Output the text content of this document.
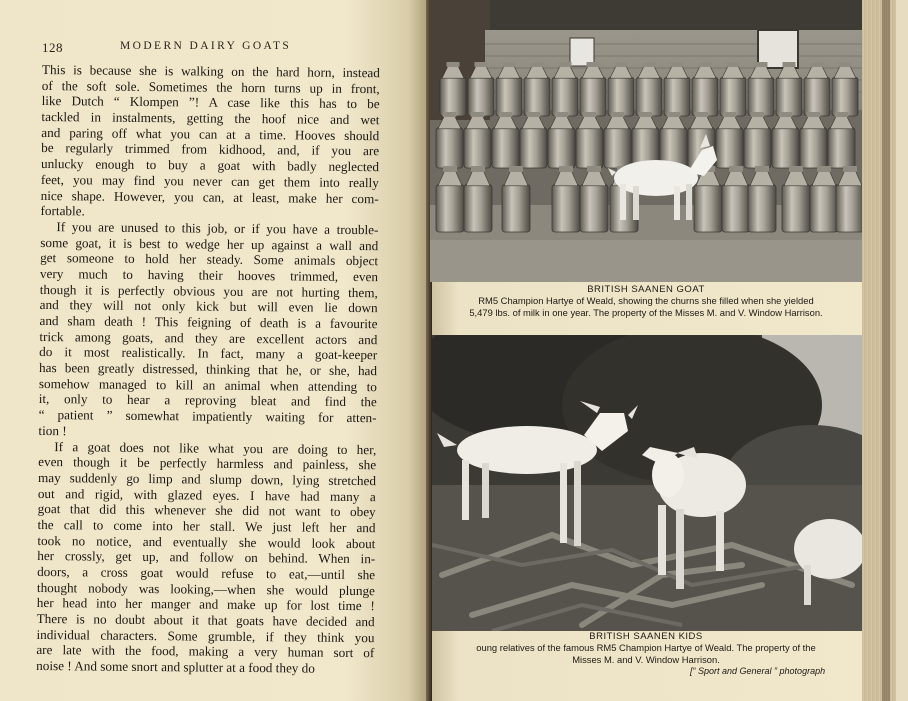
128	MODERN DAIRY GOATS
This is because she is walking on the hard horn, instead
of the soft sole. Sometimes the horn turns up in front,
like Dutch “ Klompen ”! A case like this has to be
tackled in instalments, getting the hoof nice and wet
and paring off what you can at a time. Hooves should
be regularly trimmed from kidhood, and, if you are
unlucky enough to buy a goat with badly neglected
feet, you may find you never can get them into really
nice shape. However, you can, at least, make her com-
fortable.
If you are unused to this job, or if you have a trouble-
some goat, it is best to wedge her up against a wall and
get someone to hold her steady. Some animals object
very much to having their hooves trimmed, even
though it is perfectly obvious you are not hurting them,
and they will not only kick but will even lie down
and sham death ! This feigning of death is a favourite
trick among goats, and they are excellent actors and
do it most realistically. In fact, many a goat-keeper
has been greatly distressed, thinking that he, or she, had
somehow managed to kill an animal when attending to
it, only to hear a reproving bleat and find the
“ patient ” somewhat impatiently waiting for atten-
tion !
If a goat does not like what you are doing to her,
even though it be perfectly harmless and painless, she
may suddenly go limp and slump down, lying stretched
out and rigid, with glazed eyes. I have had many a
goat that did this whenever she did not want to obey
the call to come into her stall. We just left her and
took no notice, and eventually she would look about
her crossly, get up, and follow on behind. When in-
doors, a cross goat would refuse to eat,—until she
thought nobody was looking,—when she would plunge
her head into her manger and make up for lost time !
There is no doubt about it that goats have decided and
individual characters. Some grumble, if they think you
are late with the food, making a very human sort of
noise ! And some snort and splutter at a food they do
BRITISH SAANEN GOAT
RM5 Champion Hartye of Weald, showing the churns she filled when she yielded
5,479 lbs. of milk in one year. The property of the Misses M. and V. Window Harrison.
BRITISH SAANEN KIDS
oung relatives of the famous RM5 Champion Hartye of Weald. The property of the
Misses M. and V. Window Harrison.
[“ Sport and General ” photograph
